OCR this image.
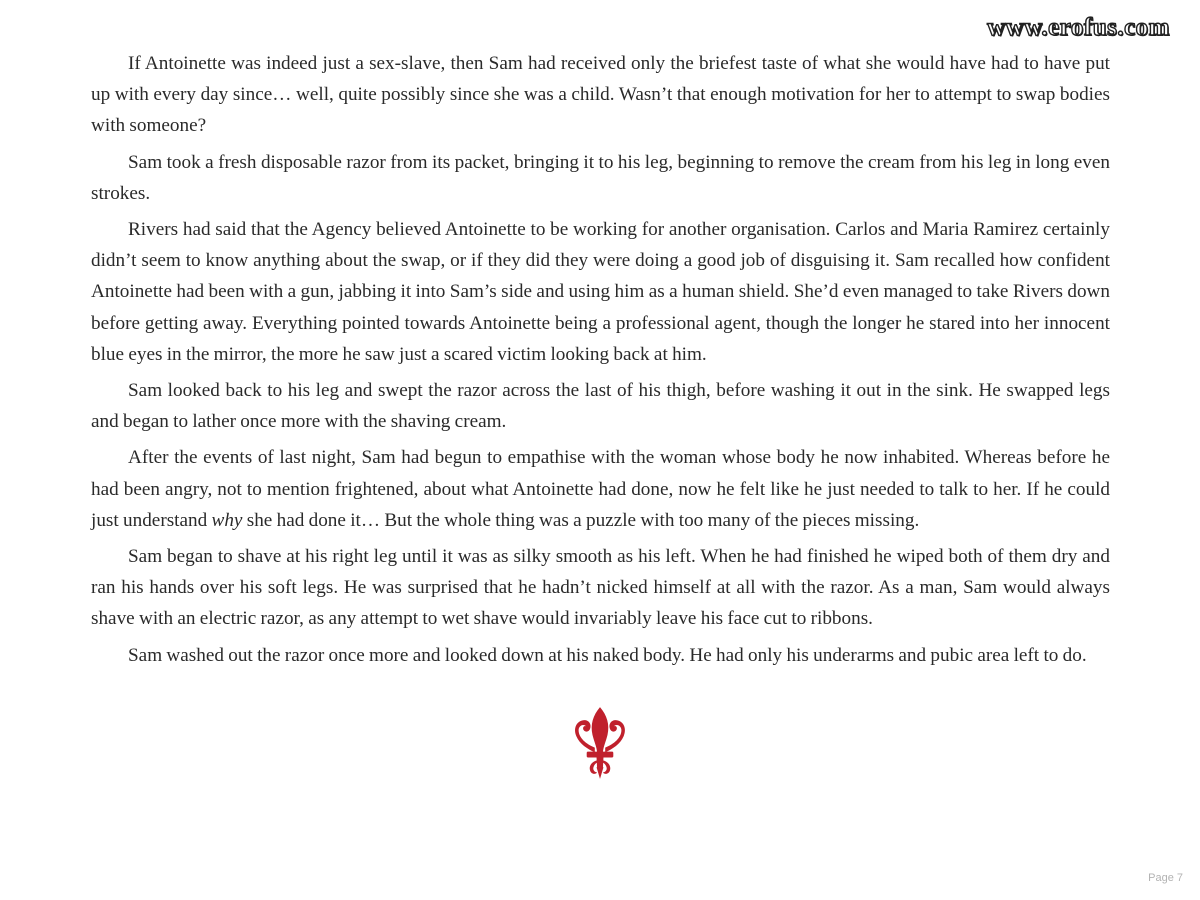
www.erofus.com

If Antoinette was indeed just a sex-slave, then Sam had received only the briefest taste of what she would have had to have put up with every day since… well, quite possibly since she was a child. Wasn’t that enough motivation for her to attempt to swap bodies with someone?

Sam took a fresh disposable razor from its packet, bringing it to his leg, beginning to remove the cream from his leg in long even strokes.

Rivers had said that the Agency believed Antoinette to be working for another organisation. Carlos and Maria Ramirez certainly didn’t seem to know anything about the swap, or if they did they were doing a good job of disguising it. Sam recalled how confident Antoinette had been with a gun, jabbing it into Sam’s side and using him as a human shield. She’d even managed to take Rivers down before getting away. Everything pointed towards Antoinette being a professional agent, though the longer he stared into her innocent blue eyes in the mirror, the more he saw just a scared victim looking back at him.

Sam looked back to his leg and swept the razor across the last of his thigh, before washing it out in the sink. He swapped legs and began to lather once more with the shaving cream.

After the events of last night, Sam had begun to empathise with the woman whose body he now inhabited. Whereas before he had been angry, not to mention frightened, about what Antoinette had done, now he felt like he just needed to talk to her. If he could just understand why she had done it… But the whole thing was a puzzle with too many of the pieces missing.

Sam began to shave at his right leg until it was as silky smooth as his left. When he had finished he wiped both of them dry and ran his hands over his soft legs. He was surprised that he hadn’t nicked himself at all with the razor. As a man, Sam would always shave with an electric razor, as any attempt to wet shave would invariably leave his face cut to ribbons.

Sam washed out the razor once more and looked down at his naked body. He had only his underarms and pubic area left to do.

Page 7
